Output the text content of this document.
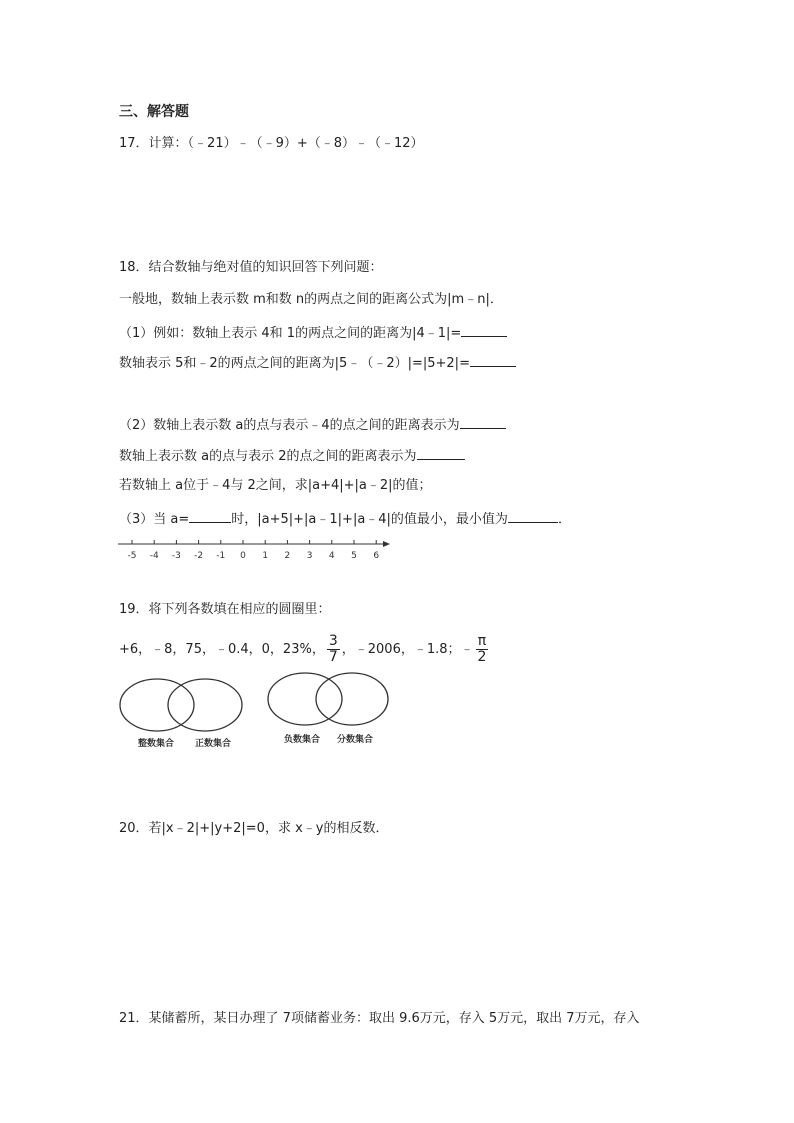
三、解答题
17．计算：（﹣21）﹣（﹣9）+（﹣8）﹣（﹣12）
18．结合数轴与绝对值的知识回答下列问题：
一般地，数轴上表示数 m和数 n的两点之间的距离公式为|m﹣n|．
（1）例如：数轴上表示 4和 1的两点之间的距离为|4﹣1|=
数轴表示 5和﹣2的两点之间的距离为|5﹣（﹣2）|=|5+2|=
（2）数轴上表示数 a的点与表示﹣4的点之间的距离表示为
数轴上表示数 a的点与表示 2的点之间的距离表示为
若数轴上 a位于﹣4与 2之间，求|a+4|+|a﹣2|的值；
（3）当 a=	时，|a+5|+|a﹣1|+|a﹣4|的值最小，最小值为	．
-5 -4 -3 -2 -1 0 1 2 3 4 5 6
19．将下列各数填在相应的圆圈里：
+6，﹣8，75，﹣0.4，0，23%， $\frac{3}{7}$ ，﹣2006，﹣1.8；﹣ $\frac{\pi}{2}$
整数集合 正数集合	负数集合 分数集合
20．若|x﹣2|+|y+2|=0，求 x﹣y的相反数．
21．某储蓄所，某日办理了 7项储蓄业务：取出 9.6万元，存入 5万元，取出 7万元，存入
